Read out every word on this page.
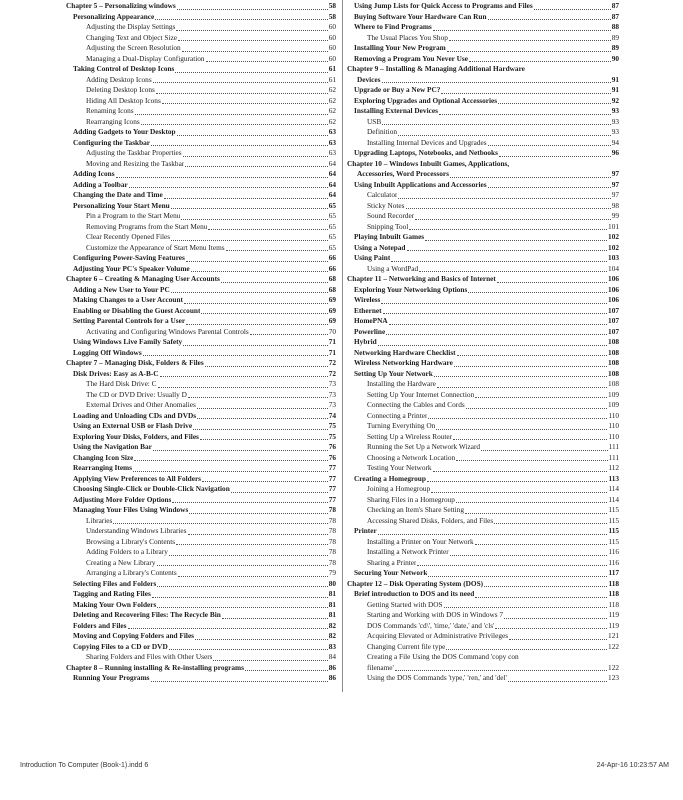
Chapter 5 – Personalizing windows	58
Personalizing Appearance	58
Adjusting the Display Settings	60
Changing Text and Object Size	60
Adjusting the Screen Resolution	60
Managing a Dual-Display Configuration	60
Taking Control of Desktop Icons	61
Adding Desktop Icons	61
Deleting Desktop Icons	62
Hiding All Desktop Icons	62
Renaming Icons	62
Rearranging Icons	62
Adding Gadgets to Your Desktop	63
Configuring the Taskbar	63
Adjusting the Taskbar Properties	63
Moving and Resizing the Taskbar	64
Adding Icons	64
Adding a Toolbar	64
Changing the Date and Time	64
Personalizing Your Start Menu	65
Pin a Program to the Start Menu	65
Removing Programs from the Start Menu	65
Clear Recently Opened Files	65
Customize the Appearance of Start Menu Items	65
Configuring Power-Saving Features	66
Adjusting Your PC's Speaker Volume	66
Chapter 6 – Creating & Managing User Accounts	68
Adding a New User to Your PC	68
Making Changes to a User Account	69
Enabling or Disabling the Guest Account	69
Setting Parental Controls for a User	69
Activating and Configuring Windows Parental Controls	70
Using Windows Live Family Safety	71
Logging Off Windows	71
Chapter 7 – Managing Disk, Folders & Files	72
Disk Drives: Easy as A-B-C	72
The Hard Disk Drive: C	73
The CD or DVD Drive: Usually D	73
External Drives and Other Anomalies	73
Loading and Unloading CDs and DVDs	74
Using an External USB or Flash Drive	75
Exploring Your Disks, Folders, and Files	75
Using the Navigation Bar	76
Changing Icon Size	76
Rearranging Items	77
Applying View Preferences to All Folders	77
Choosing Single-Click or Double-Click Navigation	77
Adjusting More Folder Options	77
Managing Your Files Using Windows	78
Libraries	78
Understanding Windows Libraries	78
Browsing a Library's Contents	78
Adding Folders to a Library	78
Creating a New Library	78
Arranging a Library's Contents	79
Selecting Files and Folders	80
Tagging and Rating Files	81
Making Your Own Folders	81
Deleting and Recovering Files: The Recycle Bin	81
Folders and Files	82
Moving and Copying Folders and Files	82
Copying Files to a CD or DVD	83
Sharing Folders and Files with Other Users	84
Chapter 8 – Running installing & Re-installing programs	86
Running Your Programs	86
Using Jump Lists for Quick Access to Programs and Files	87
Buying Software Your Hardware Can Run	87
Where to Find Programs	88
The Usual Places You Shop	89
Installing Your New Program	89
Removing a Program You Never Use	90
Chapter 9 – Installing & Managing Additional Hardware
Devices	91
Upgrade or Buy a New PC?	91
Exploring Upgrades and Optional Accessories	92
Installing External Devices	93
USB	93
Definition	93
Installing Internal Devices and Upgrades	94
Upgrading Laptops, Notebooks, and Netbooks	96
Chapter 10 – Windows Inbuilt Games, Applications,
Accessories, Word Processors	97
Using Inbuilt Applications and Accessories	97
Calculator	97
Sticky Notes	98
Sound Recorder	99
Snipping Tool	101
Playing Inbuilt Games	102
Using a Notepad	102
Using Paint	103
Using a WordPad	104
Chapter 11 – Networking and Basics of Internet	106
Exploring Your Networking Options	106
Wireless	106
Ethernet	107
HomePNA	107
Powerline	107
Hybrid	108
Networking Hardware Checklist	108
Wireless Networking Hardware	108
Setting Up Your Network	108
Installing the Hardware	108
Setting Up Your Internet Connection	109
Connecting the Cables and Cords	109
Connecting a Printer	110
Turning Everything On	110
Setting Up a Wireless Router	110
Running the Set Up a Network Wizard	111
Choosing a Network Location	111
Testing Your Network	112
Creating a Homegroup	113
Joining a Homegroup	114
Sharing Files in a Homegroup	114
Checking an Item's Share Setting	115
Accessing Shared Disks, Folders, and Files	115
Printer	115
Installing a Printer on Your Network	115
Installing a Network Printer	116
Sharing a Printer	116
Securing Your Network	117
Chapter 12 – Disk Operating System (DOS)	118
Brief introduction to DOS and its need	118
Getting Started with DOS	118
Starting and Working with DOS in Windows 7	119
DOS Commands 'cd\', 'time,' 'date,' and 'cls'	119
Acquiring Elevated or Administrative Privileges	121
Changing Current file type	122
Creating a File Using the DOS Command 'copy con
filename'	122
Using the DOS Commands 'type,' 'ren,' and 'del'	123
Introduction To Computer (Book-1).indd 6	24-Apr-16 10:23:57 AM
